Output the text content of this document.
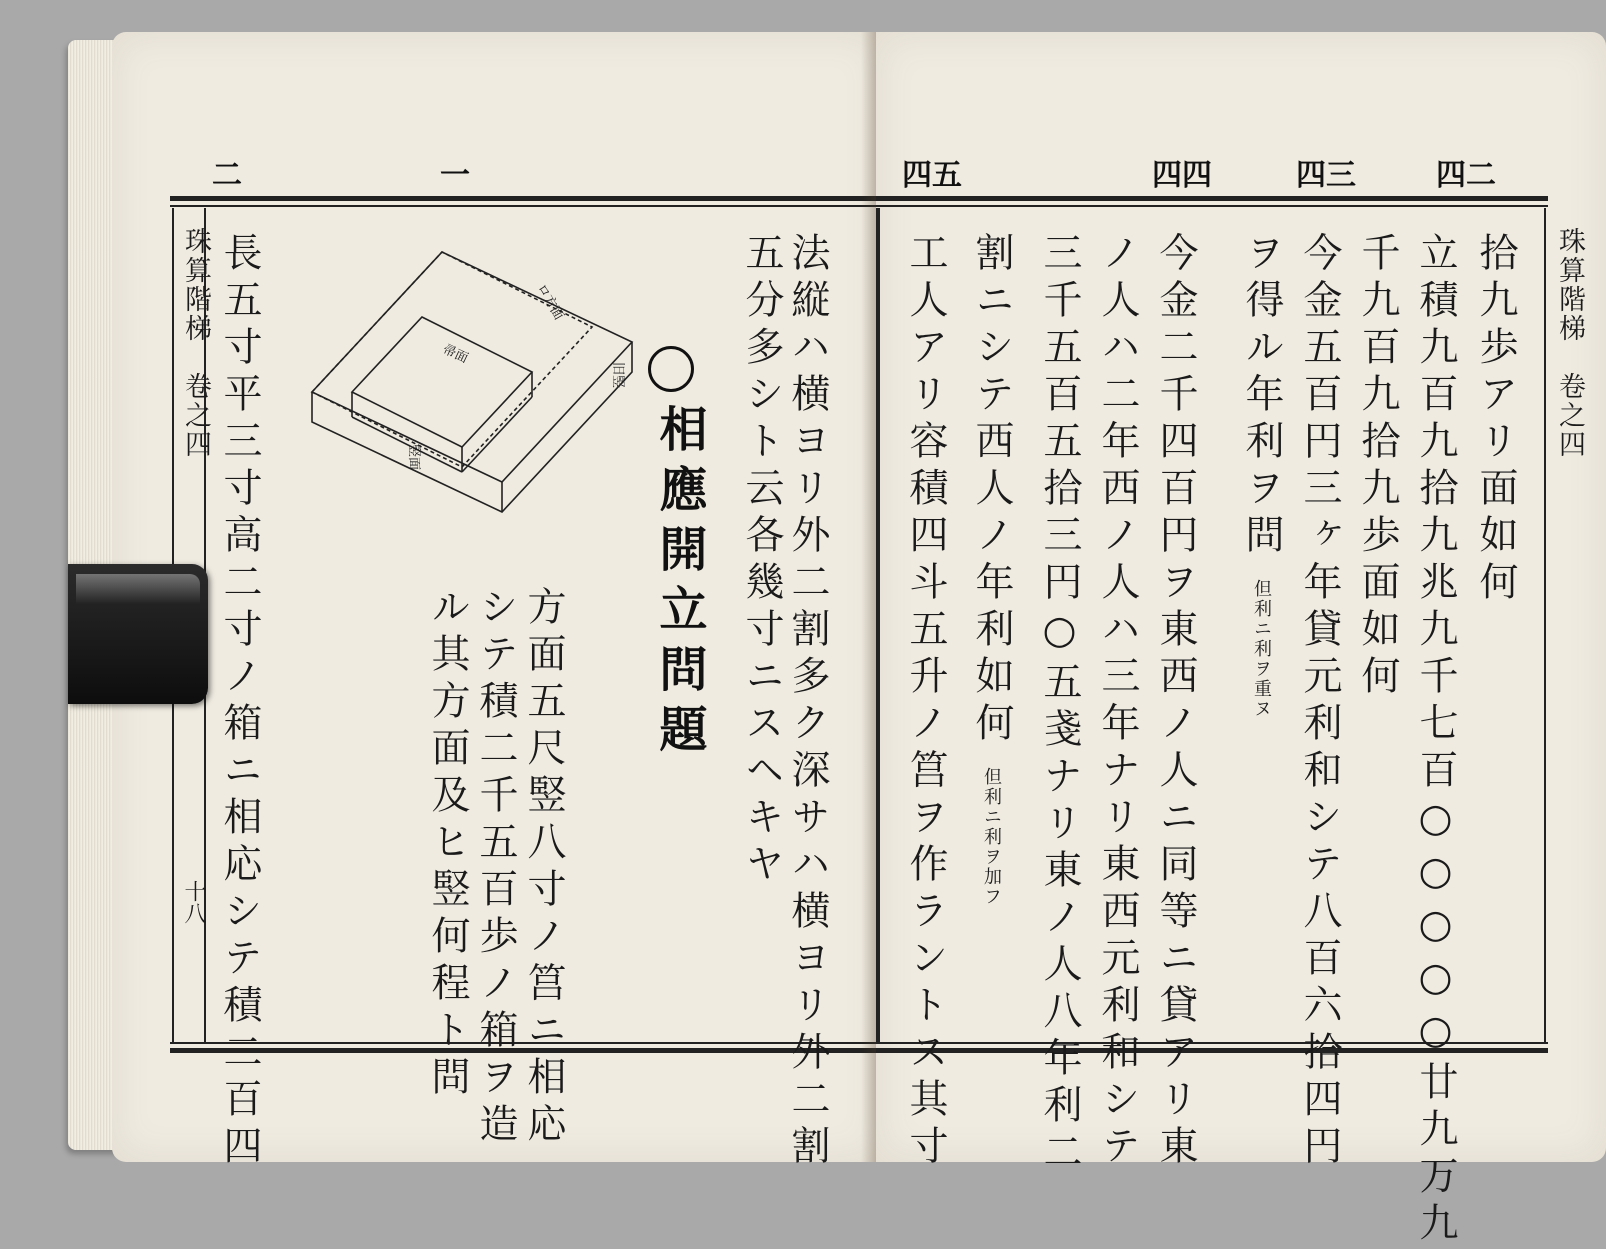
二	一
珠算階梯　卷之四
十八	法縦ハ横ヨリ外二割多ク深サハ横ヨリ外二割
五分多シト云各幾寸ニスヘキヤ
相應開立問題
方面五尺竪八寸ノ筥ニ相応
シテ積二千五百歩ノ箱ヲ造
ル其方面及ヒ竪何程ト問
長五寸平三寸高二寸ノ箱ニ相応シテ積二百四	ロ方面
帚面
旧竪
竪面
四五	四四	四三	四二
珠算階梯　卷之四
拾九歩アリ面如何
立積九百九拾九兆九千七百○○○○○廿九万九
千九百九拾九歩面如何
今金五百円三ヶ年貸元利和シテ八百六拾四円
ヲ得ル年利ヲ問但利ニ利ヲ重ヌ
今金二千四百円ヲ東西ノ人ニ同等ニ貸アリ東
ノ人ハ二年西ノ人ハ三年ナリ東西元利和シテ
三千五百五拾三円○五戔ナリ東ノ人八年利二
割ニシテ西人ノ年利如何但利ニ利ヲ加フ
工人アリ容積四斗五升ノ筥ヲ作ラントス其寸
